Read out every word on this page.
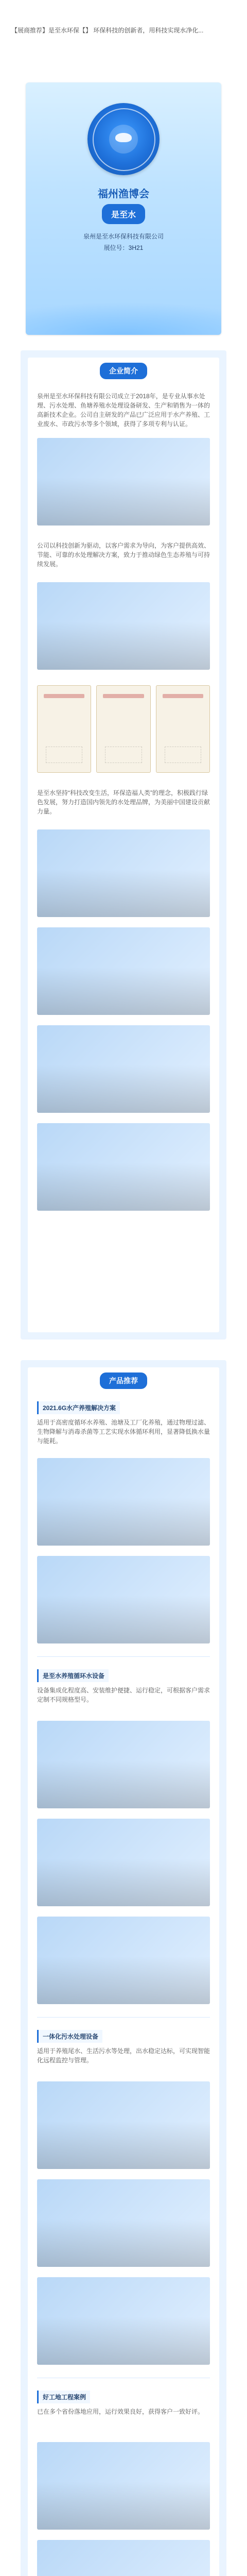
【展商推荐】是至水环保【】 环保科技的创新者，用科技实现水净化...
福州渔博会
是至水
泉州是至水环保科技有限公司
展位号：3H21
企业简介
泉州是至水环保科技有限公司成立于2018年，是专业从事水处理、污水处理、鱼塘养殖水处理设备研发、生产和销售为一体的高新技术企业。公司自主研发的产品已广泛应用于水产养殖、工业废水、市政污水等多个领域，获得了多项专利与认证。
公司以科技创新为驱动，以客户需求为导向，为客户提供高效、节能、可靠的水处理解决方案，致力于推动绿色生态养殖与可持续发展。
是至水坚持“科技改变生活，环保造福人类”的理念，积极践行绿色发展，努力打造国内领先的水处理品牌，为美丽中国建设贡献力量。
产品推荐
2021.6G水产养殖解决方案
适用于高密度循环水养殖、池塘及工厂化养殖，通过物理过滤、生物降解与消毒杀菌等工艺实现水体循环利用，显著降低换水量与能耗。
是至水养殖循环水设备
设备集成化程度高、安装维护便捷、运行稳定，可根据客户需求定制不同规格型号。
一体化污水处理设备
适用于养殖尾水、生活污水等处理，出水稳定达标，可实现智能化远程监控与管理。
好工地工程案例
已在多个省份落地应用，运行效果良好，获得客户一致好评。
